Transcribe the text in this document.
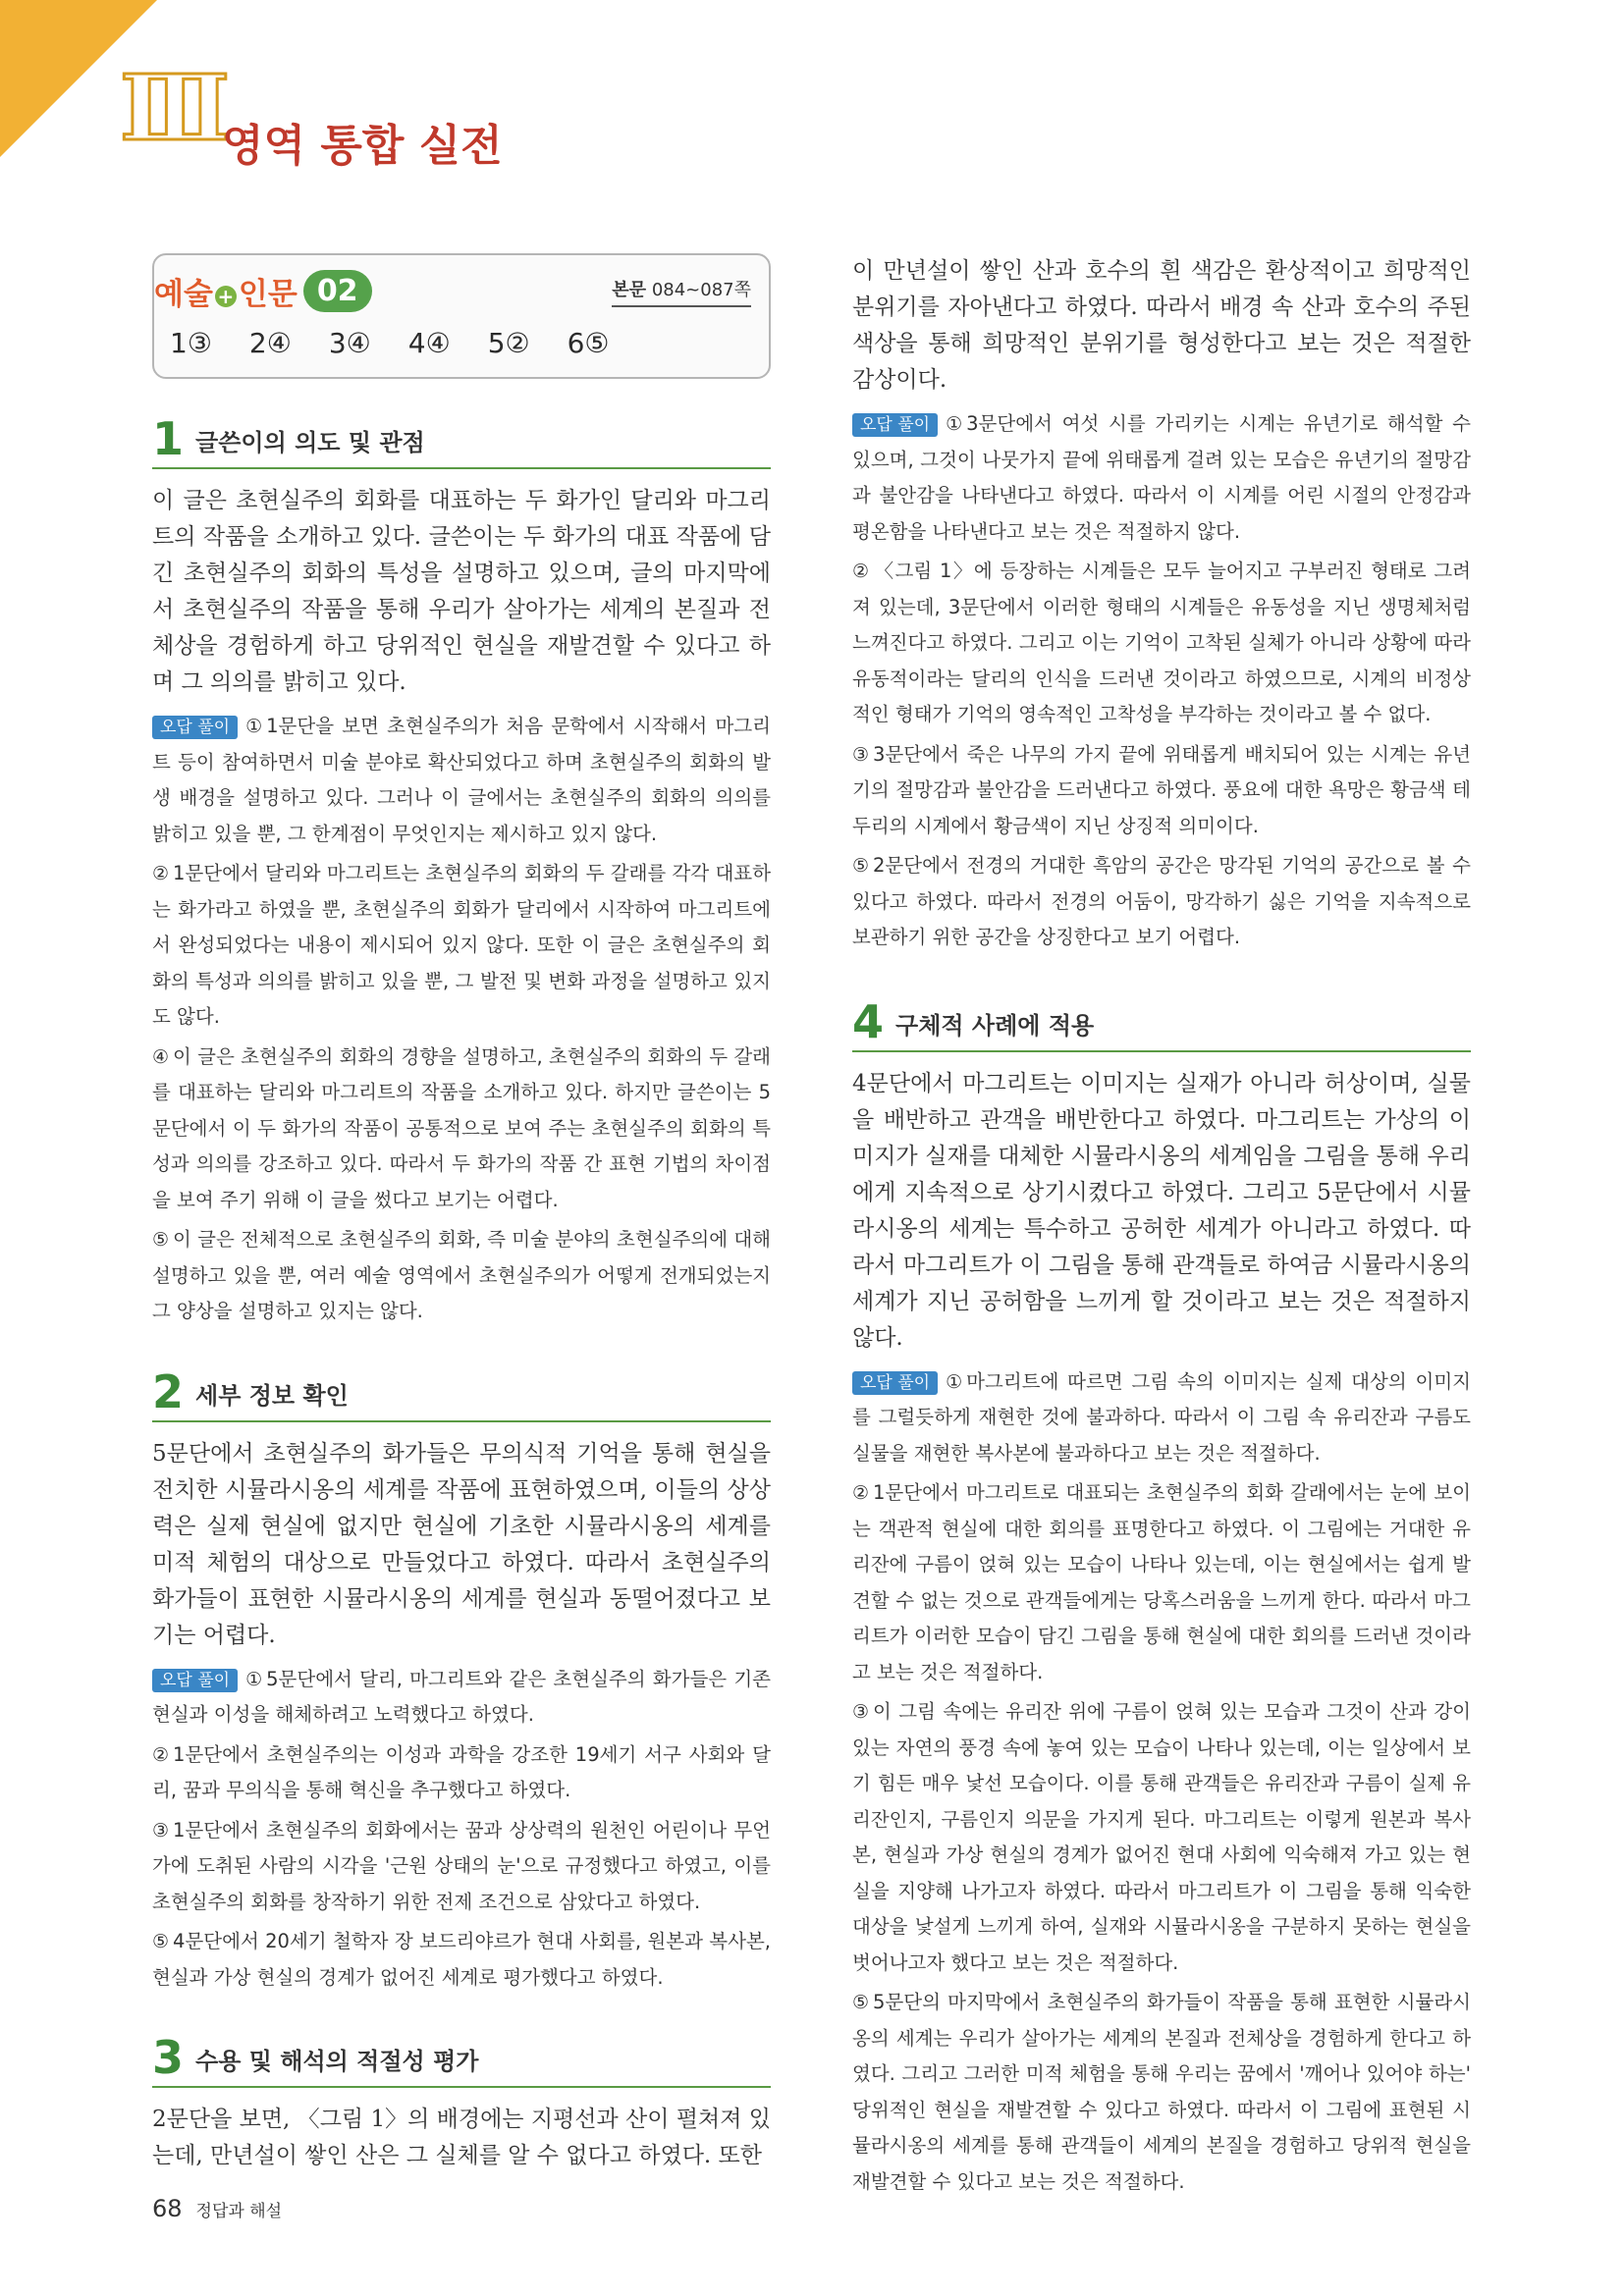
Ⅲ
영역 통합 실전
예술 + 인문 02	본문 084~087쪽
1③ 2④ 3④ 4④ 5② 6⑤
1 글쓴이의 의도 및 관점

이 글은 초현실주의 회화를 대표하는 두 화가인 달리와 마그리트의 작품을 소개하고 있다. 글쓴이는 두 화가의 대표 작품에 담긴 초현실주의 회화의 특성을 설명하고 있으며, 글의 마지막에서 초현실주의 작품을 통해 우리가 살아가는 세계의 본질과 전체상을 경험하게 하고 당위적인 현실을 재발견할 수 있다고 하며 그 의의를 밝히고 있다.

오답 풀이 ① 1문단을 보면 초현실주의가 처음 문학에서 시작해서 마그리트 등이 참여하면서 미술 분야로 확산되었다고 하며 초현실주의 회화의 발생 배경을 설명하고 있다. 그러나 이 글에서는 초현실주의 회화의 의의를 밝히고 있을 뿐, 그 한계점이 무엇인지는 제시하고 있지 않다.
② 1문단에서 달리와 마그리트는 초현실주의 회화의 두 갈래를 각각 대표하는 화가라고 하였을 뿐, 초현실주의 회화가 달리에서 시작하여 마그리트에서 완성되었다는 내용이 제시되어 있지 않다. 또한 이 글은 초현실주의 회화의 특성과 의의를 밝히고 있을 뿐, 그 발전 및 변화 과정을 설명하고 있지도 않다.
④ 이 글은 초현실주의 회화의 경향을 설명하고, 초현실주의 회화의 두 갈래를 대표하는 달리와 마그리트의 작품을 소개하고 있다. 하지만 글쓴이는 5문단에서 이 두 화가의 작품이 공통적으로 보여 주는 초현실주의 회화의 특성과 의의를 강조하고 있다. 따라서 두 화가의 작품 간 표현 기법의 차이점을 보여 주기 위해 이 글을 썼다고 보기는 어렵다.
⑤ 이 글은 전체적으로 초현실주의 회화, 즉 미술 분야의 초현실주의에 대해 설명하고 있을 뿐, 여러 예술 영역에서 초현실주의가 어떻게 전개되었는지 그 양상을 설명하고 있지는 않다.
2 세부 정보 확인

5문단에서 초현실주의 화가들은 무의식적 기억을 통해 현실을 전치한 시뮬라시옹의 세계를 작품에 표현하였으며, 이들의 상상력은 실제 현실에 없지만 현실에 기초한 시뮬라시옹의 세계를 미적 체험의 대상으로 만들었다고 하였다. 따라서 초현실주의 화가들이 표현한 시뮬라시옹의 세계를 현실과 동떨어졌다고 보기는 어렵다.

오답 풀이 ① 5문단에서 달리, 마그리트와 같은 초현실주의 화가들은 기존 현실과 이성을 해체하려고 노력했다고 하였다.
② 1문단에서 초현실주의는 이성과 과학을 강조한 19세기 서구 사회와 달리, 꿈과 무의식을 통해 혁신을 추구했다고 하였다.
③ 1문단에서 초현실주의 회화에서는 꿈과 상상력의 원천인 어린이나 무언가에 도취된 사람의 시각을 '근원 상태의 눈'으로 규정했다고 하였고, 이를 초현실주의 회화를 창작하기 위한 전제 조건으로 삼았다고 하였다.
⑤ 4문단에서 20세기 철학자 장 보드리야르가 현대 사회를, 원본과 복사본, 현실과 가상 현실의 경계가 없어진 세계로 평가했다고 하였다.
3 수용 및 해석의 적절성 평가

2문단을 보면, 〈그림 1〉의 배경에는 지평선과 산이 펼쳐져 있는데, 만년설이 쌓인 산은 그 실체를 알 수 없다고 하였다. 또한

이 만년설이 쌓인 산과 호수의 흰 색감은 환상적이고 희망적인 분위기를 자아낸다고 하였다. 따라서 배경 속 산과 호수의 주된 색상을 통해 희망적인 분위기를 형성한다고 보는 것은 적절한 감상이다.

오답 풀이 ① 3문단에서 여섯 시를 가리키는 시계는 유년기로 해석할 수 있으며, 그것이 나뭇가지 끝에 위태롭게 걸려 있는 모습은 유년기의 절망감과 불안감을 나타낸다고 하였다. 따라서 이 시계를 어린 시절의 안정감과 평온함을 나타낸다고 보는 것은 적절하지 않다.
② 〈그림 1〉에 등장하는 시계들은 모두 늘어지고 구부러진 형태로 그려져 있는데, 3문단에서 이러한 형태의 시계들은 유동성을 지닌 생명체처럼 느껴진다고 하였다. 그리고 이는 기억이 고착된 실체가 아니라 상황에 따라 유동적이라는 달리의 인식을 드러낸 것이라고 하였으므로, 시계의 비정상적인 형태가 기억의 영속적인 고착성을 부각하는 것이라고 볼 수 없다.
③ 3문단에서 죽은 나무의 가지 끝에 위태롭게 배치되어 있는 시계는 유년기의 절망감과 불안감을 드러낸다고 하였다. 풍요에 대한 욕망은 황금색 테두리의 시계에서 황금색이 지닌 상징적 의미이다.
⑤ 2문단에서 전경의 거대한 흑암의 공간은 망각된 기억의 공간으로 볼 수 있다고 하였다. 따라서 전경의 어둠이, 망각하기 싫은 기억을 지속적으로 보관하기 위한 공간을 상징한다고 보기 어렵다.
4 구체적 사례에 적용

4문단에서 마그리트는 이미지는 실재가 아니라 허상이며, 실물을 배반하고 관객을 배반한다고 하였다. 마그리트는 가상의 이미지가 실재를 대체한 시뮬라시옹의 세계임을 그림을 통해 우리에게 지속적으로 상기시켰다고 하였다. 그리고 5문단에서 시뮬라시옹의 세계는 특수하고 공허한 세계가 아니라고 하였다. 따라서 마그리트가 이 그림을 통해 관객들로 하여금 시뮬라시옹의 세계가 지닌 공허함을 느끼게 할 것이라고 보는 것은 적절하지 않다.

오답 풀이 ① 마그리트에 따르면 그림 속의 이미지는 실제 대상의 이미지를 그럴듯하게 재현한 것에 불과하다. 따라서 이 그림 속 유리잔과 구름도 실물을 재현한 복사본에 불과하다고 보는 것은 적절하다.
② 1문단에서 마그리트로 대표되는 초현실주의 회화 갈래에서는 눈에 보이는 객관적 현실에 대한 회의를 표명한다고 하였다. 이 그림에는 거대한 유리잔에 구름이 얹혀 있는 모습이 나타나 있는데, 이는 현실에서는 쉽게 발견할 수 없는 것으로 관객들에게는 당혹스러움을 느끼게 한다. 따라서 마그리트가 이러한 모습이 담긴 그림을 통해 현실에 대한 회의를 드러낸 것이라고 보는 것은 적절하다.
③ 이 그림 속에는 유리잔 위에 구름이 얹혀 있는 모습과 그것이 산과 강이 있는 자연의 풍경 속에 놓여 있는 모습이 나타나 있는데, 이는 일상에서 보기 힘든 매우 낯선 모습이다. 이를 통해 관객들은 유리잔과 구름이 실제 유리잔인지, 구름인지 의문을 가지게 된다. 마그리트는 이렇게 원본과 복사본, 현실과 가상 현실의 경계가 없어진 현대 사회에 익숙해져 가고 있는 현실을 지양해 나가고자 하였다. 따라서 마그리트가 이 그림을 통해 익숙한 대상을 낯설게 느끼게 하여, 실재와 시뮬라시옹을 구분하지 못하는 현실을 벗어나고자 했다고 보는 것은 적절하다.
⑤ 5문단의 마지막에서 초현실주의 화가들이 작품을 통해 표현한 시뮬라시옹의 세계는 우리가 살아가는 세계의 본질과 전체상을 경험하게 한다고 하였다. 그리고 그러한 미적 체험을 통해 우리는 꿈에서 '깨어나 있어야 하는' 당위적인 현실을 재발견할 수 있다고 하였다. 따라서 이 그림에 표현된 시뮬라시옹의 세계를 통해 관객들이 세계의 본질을 경험하고 당위적 현실을 재발견할 수 있다고 보는 것은 적절하다.
68 정답과 해설
